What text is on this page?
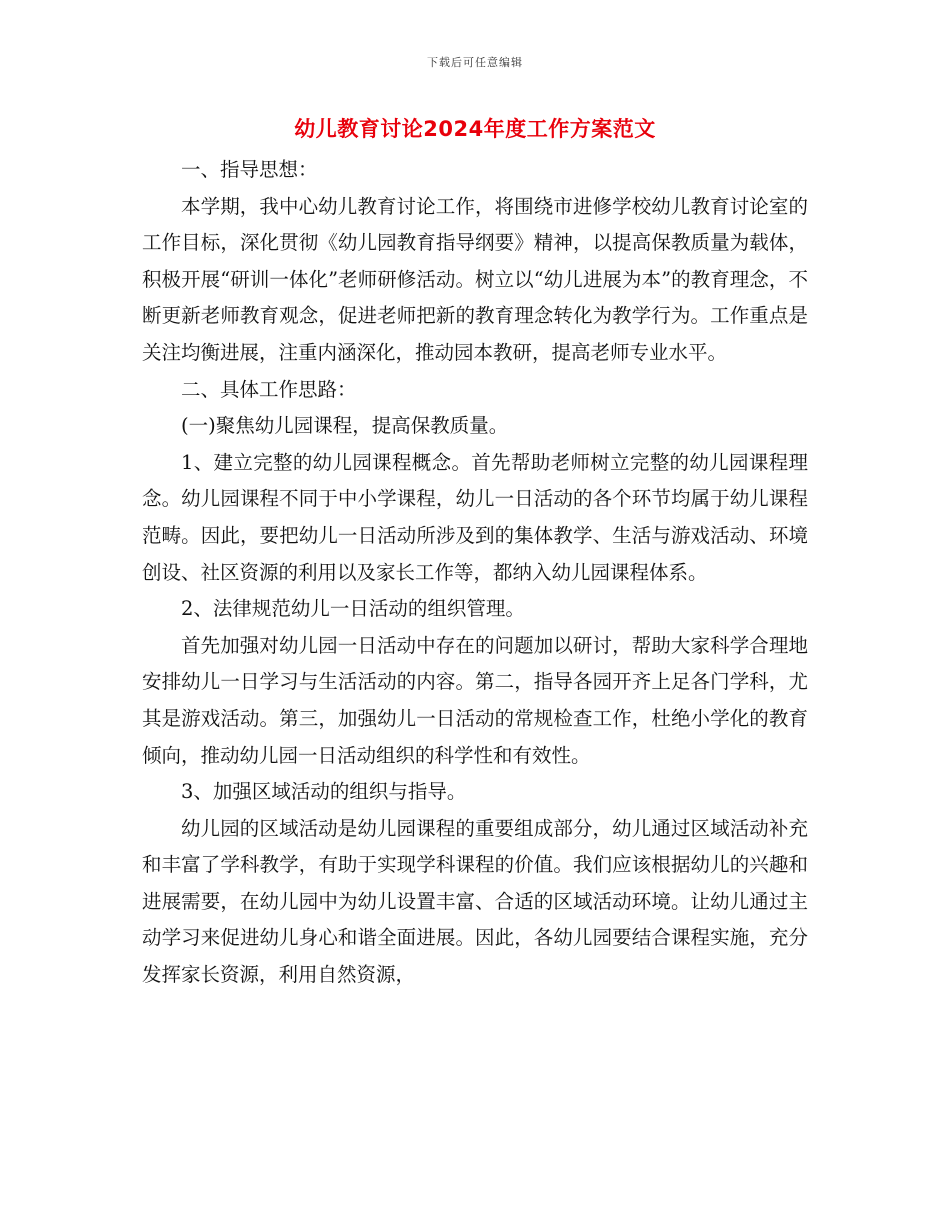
下载后可任意编辑
幼儿教育讨论2024年度工作方案范文

一、指导思想：

本学期，我中心幼儿教育讨论工作，将围绕市进修学校幼儿教育讨论室的工作目标，深化贯彻《幼儿园教育指导纲要》精神，以提高保教质量为载体，积极开展“研训一体化”老师研修活动。树立以“幼儿进展为本”的教育理念，不断更新老师教育观念，促进老师把新的教育理念转化为教学行为。工作重点是关注均衡进展，注重内涵深化，推动园本教研，提高老师专业水平。

二、具体工作思路：

(一)聚焦幼儿园课程，提高保教质量。

1、建立完整的幼儿园课程概念。首先帮助老师树立完整的幼儿园课程理念。幼儿园课程不同于中小学课程，幼儿一日活动的各个环节均属于幼儿课程范畴。因此，要把幼儿一日活动所涉及到的集体教学、生活与游戏活动、环境创设、社区资源的利用以及家长工作等，都纳入幼儿园课程体系。

2、法律规范幼儿一日活动的组织管理。

首先加强对幼儿园一日活动中存在的问题加以研讨，帮助大家科学合理地安排幼儿一日学习与生活活动的内容。第二，指导各园开齐上足各门学科，尤其是游戏活动。第三，加强幼儿一日活动的常规检查工作，杜绝小学化的教育倾向，推动幼儿园一日活动组织的科学性和有效性。

3、加强区域活动的组织与指导。

幼儿园的区域活动是幼儿园课程的重要组成部分，幼儿通过区域活动补充和丰富了学科教学，有助于实现学科课程的价值。我们应该根据幼儿的兴趣和进展需要，在幼儿园中为幼儿设置丰富、合适的区域活动环境。让幼儿通过主动学习来促进幼儿身心和谐全面进展。因此，各幼儿园要结合课程实施，充分发挥家长资源，利用自然资源，
